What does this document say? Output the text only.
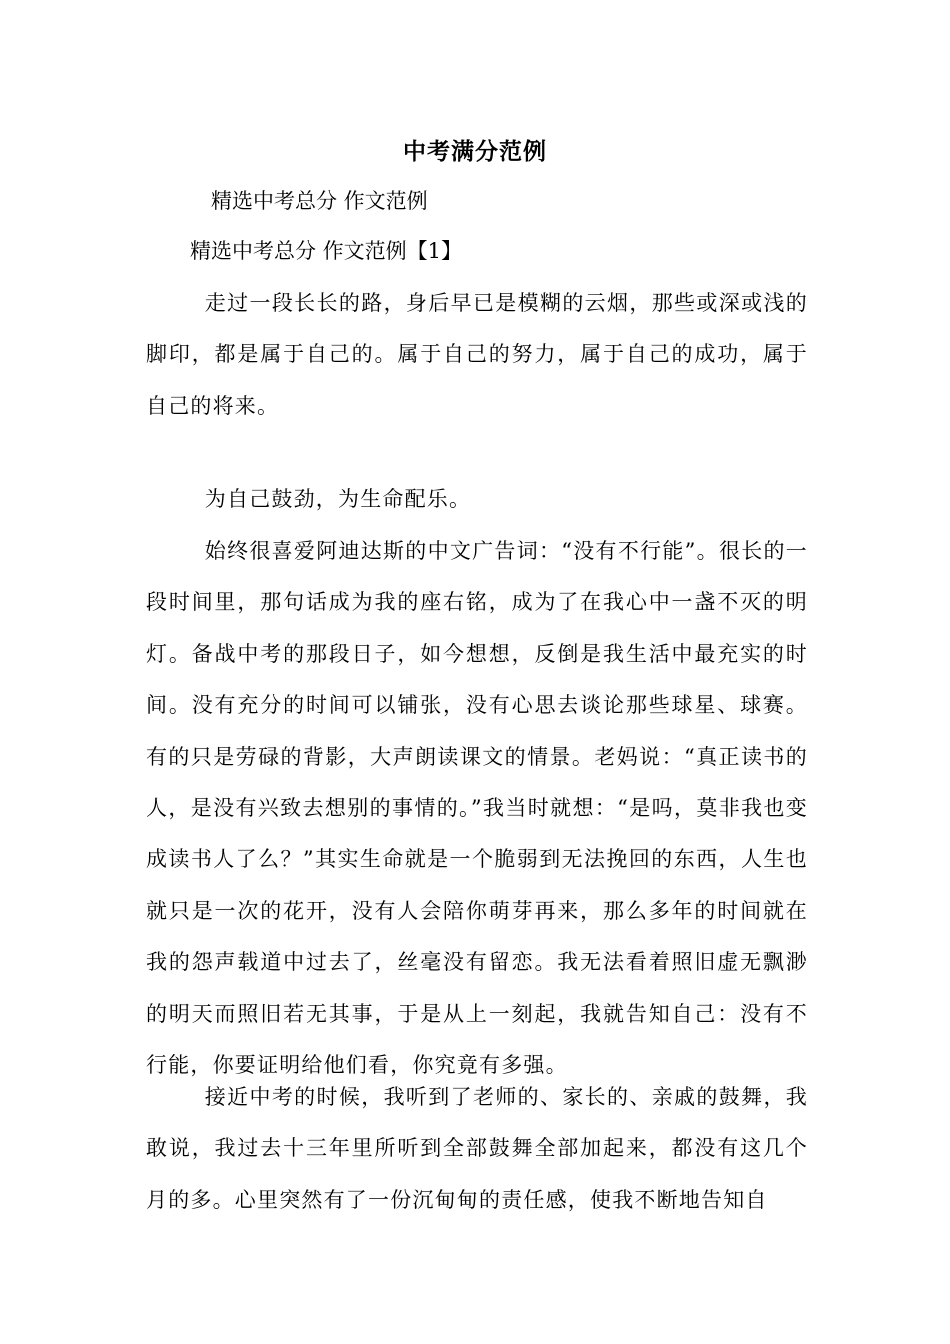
中考满分范例
精选中考总分 作文范例
精选中考总分 作文范例【1】

走过一段长长的路，身后早已是模糊的云烟，那些或深或浅的脚印，都是属于自己的。属于自己的努力，属于自己的成功，属于自己的将来。

为自己鼓劲，为生命配乐。

始终很喜爱阿迪达斯的中文广告词：“没有不行能”。很长的一段时间里，那句话成为我的座右铭，成为了在我心中一盏不灭的明灯。备战中考的那段日子，如今想想，反倒是我生活中最充实的时间。没有充分的时间可以铺张，没有心思去谈论那些球星、球赛。有的只是劳碌的背影，大声朗读课文的情景。老妈说：“真正读书的人，是没有兴致去想别的事情的。”我当时就想：“是吗，莫非我也变成读书人了么？”其实生命就是一个脆弱到无法挽回的东西，人生也就只是一次的花开，没有人会陪你萌芽再来，那么多年的时间就在我的怨声载道中过去了，丝毫没有留恋。我无法看着照旧虚无飘渺的明天而照旧若无其事，于是从上一刻起，我就告知自己：没有不行能，你要证明给他们看，你究竟有多强。

接近中考的时候，我听到了老师的、家长的、亲戚的鼓舞，我敢说，我过去十三年里所听到全部鼓舞全部加起来，都没有这几个月的多。心里突然有了一份沉甸甸的责任感，使我不断地告知自
